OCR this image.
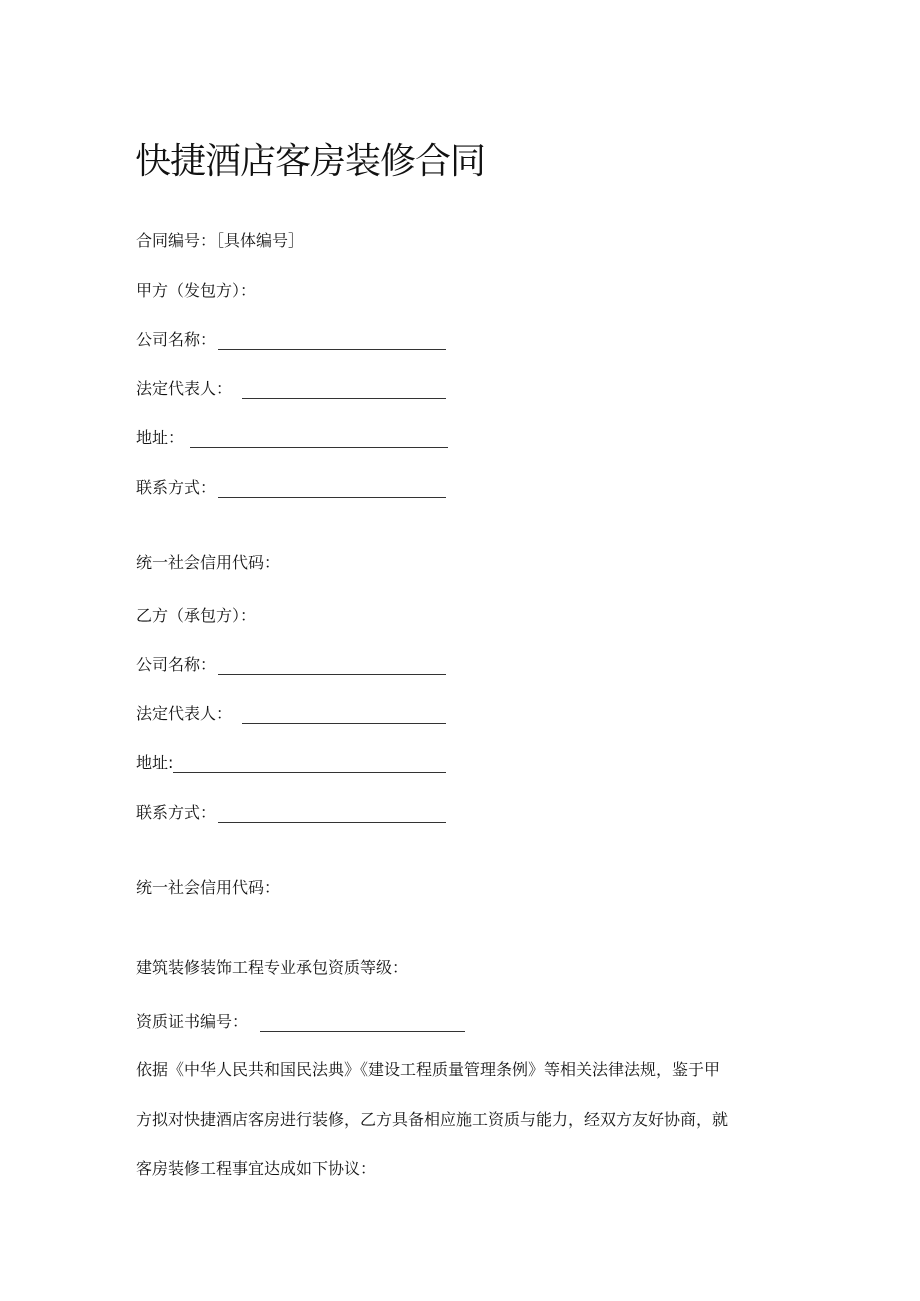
快捷酒店客房装修合同
合同编号：［具体编号］
甲方（发包方）：
公司名称：
法定代表人：
地址：
联系方式：
统一社会信用代码：
乙方（承包方）：
公司名称：
法定代表人：
地址:
联系方式：
统一社会信用代码：
建筑装修装饰工程专业承包资质等级：
资质证书编号：
依据《中华人民共和国民法典》《建设工程质量管理条例》等相关法律法规，鉴于甲
方拟对快捷酒店客房进行装修，乙方具备相应施工资质与能力，经双方友好协商，就
客房装修工程事宜达成如下协议：
